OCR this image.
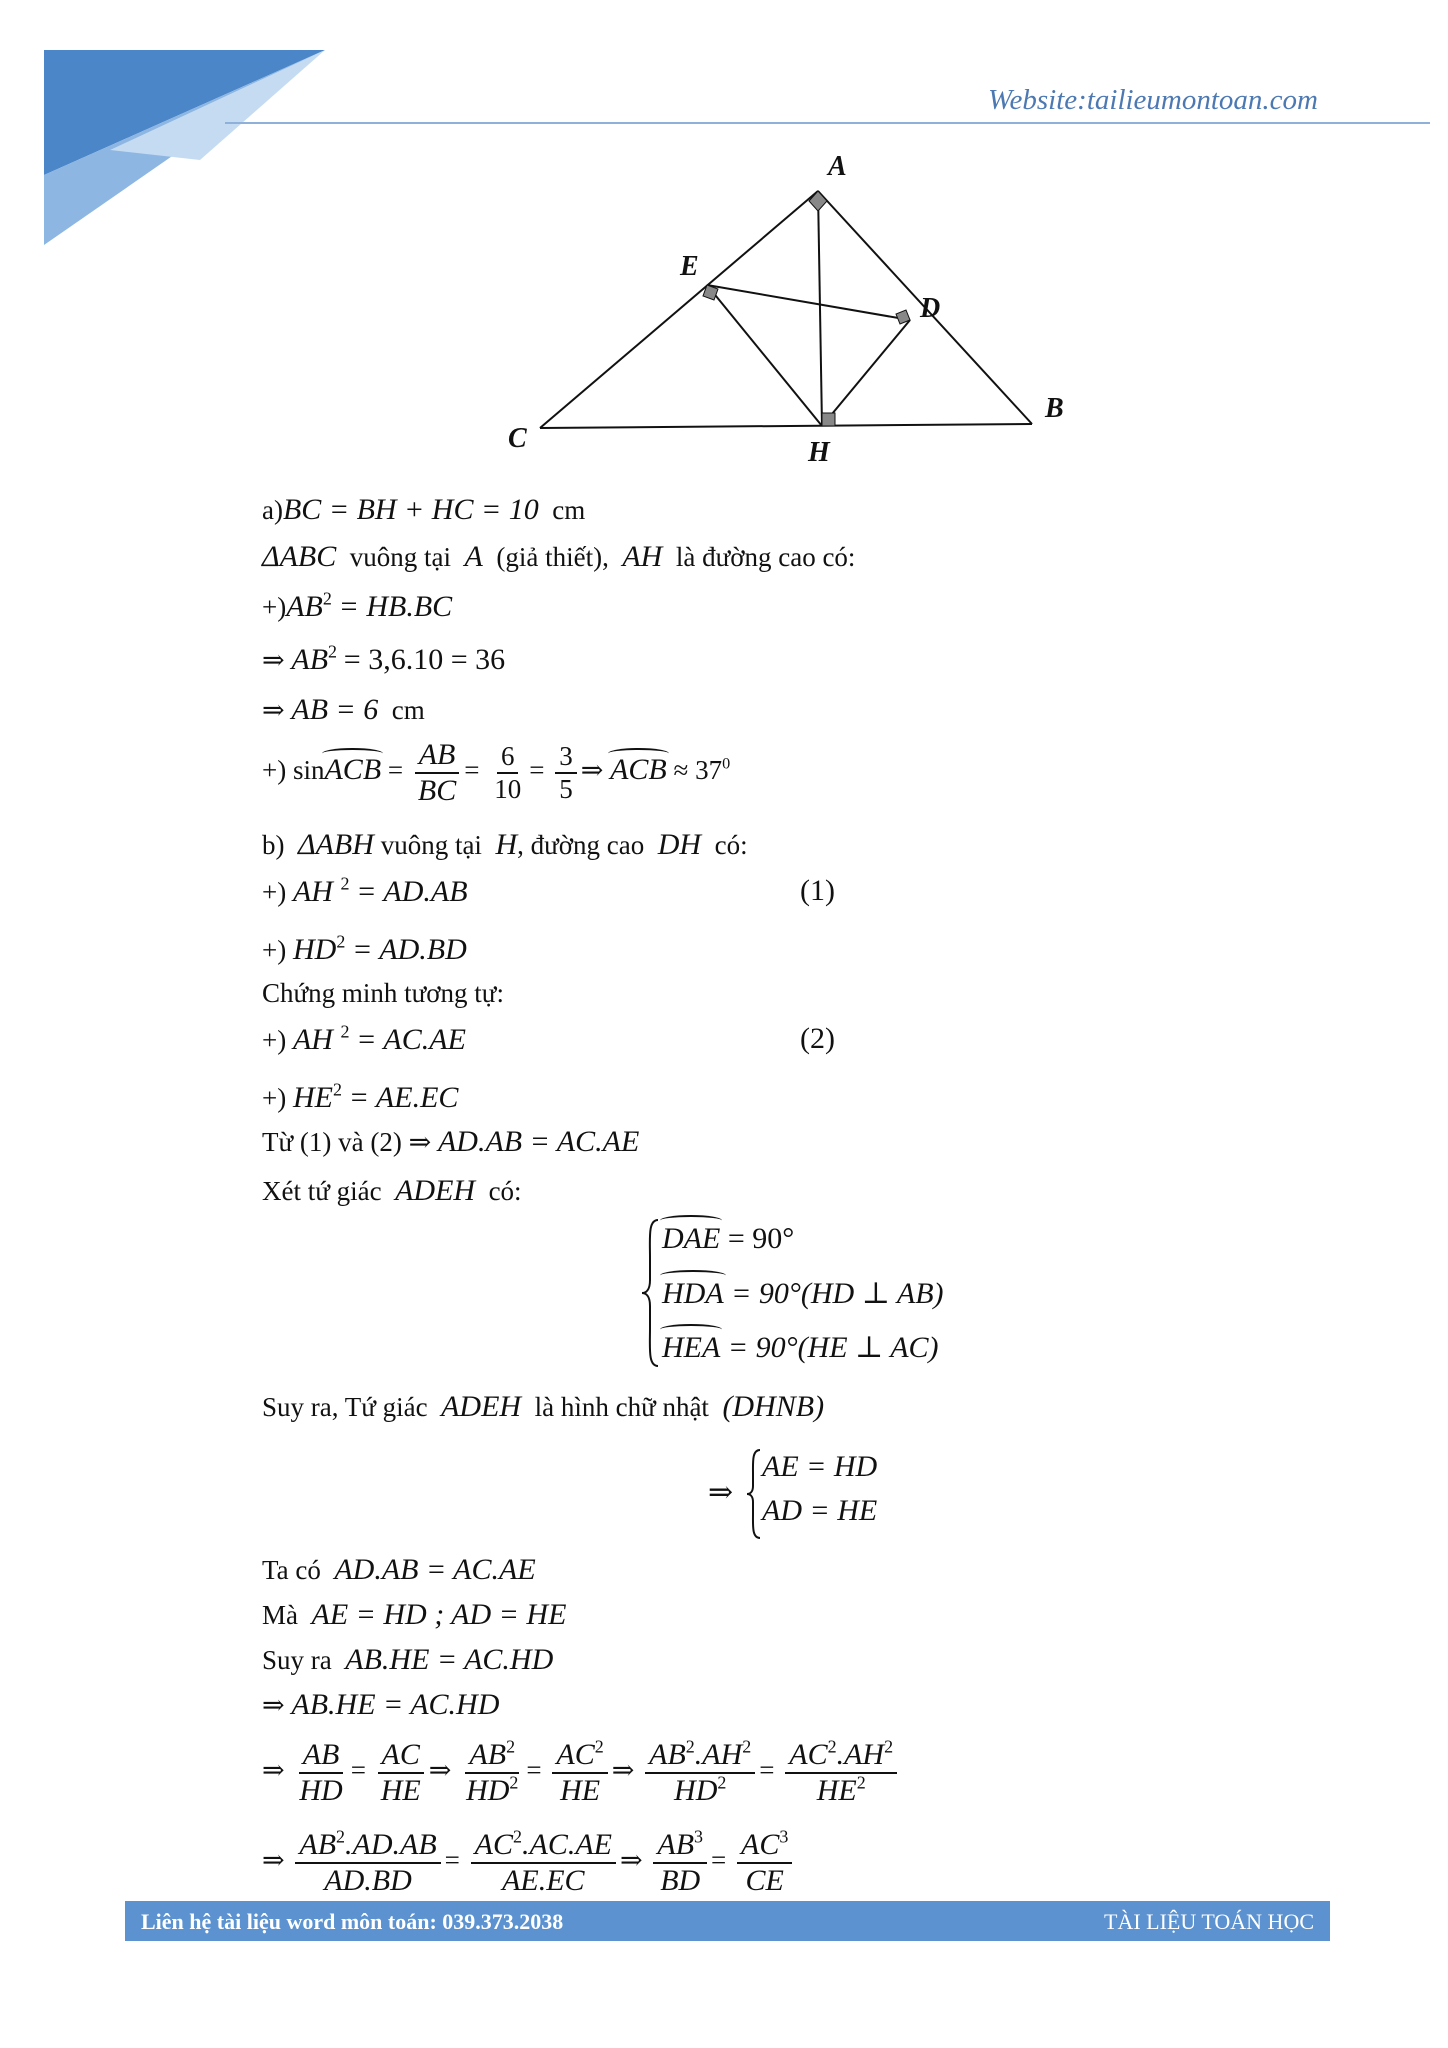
Website:tailieumontoan.com
A
E
D
B
C	H
a)BC = BH + HC = 10 cm
ΔABC vuông tại A (giả thiết), AH là đường cao có:
$+)AB^2 = HB.BC$
⇒ $AB^2 = 3,6.10 = 36$
⇒ AB = 6 cm
+) sinACB = $\frac{AB}{BC} = \frac{6}{10} = \frac{3}{5}$ ⇒ ACB ≈ $37^0$
b) ΔABH vuông tại H, đường cao DH có:
+) AH $^2$ = AD.AB	(1)
+) $HD^2 = AD.BD$
Chứng minh tương tự:
+) AH $^2$ = AC.AE	(2)
+) $HE^2 = AE.EC$
Từ (1) và (2) ⇒ AD.AB = AC.AE
Xét tứ giác ADEH có:
DAE = 90°
HDA = 90°(HD ⊥ AB)
HEA = 90°(HE ⊥ AC)
Suy ra, Tứ giác ADEH là hình chữ nhật (DHNB)
⇒
AE = HD
AD = HE
Ta có AD.AB = AC.AE
Mà AE = HD ; AD = HE
Suy ra AB.HE = AC.HD
⇒ AB.HE = AC.HD
⇒ $\frac{AB}{HD} = \frac{AC}{HE}$ ⇒ $\frac{AB^2}{HD^2} = \frac{AC^2}{HE}$ ⇒ $\frac{AB^2.AH^2}{HD^2} = \frac{AC^2.AH^2}{HE^2}$
⇒ $\frac{AB^2.AD.AB}{AD.BD} = \frac{AC^2.AC.AE}{AE.EC}$ ⇒ $\frac{AB^3}{BD} = \frac{AC^3}{CE}$
Liên hệ tài liệu word môn toán: 039.373.2038	TÀI LIỆU TOÁN HỌC
